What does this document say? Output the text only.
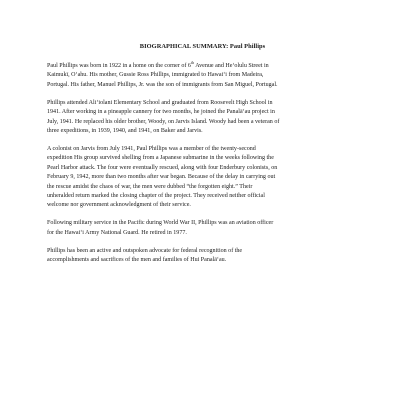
BIOGRAPHICAL SUMMARY: Paul Phillips
Paul Phillips was born in 1922 in a home on the corner of 6th Avenue and He‘olulu Street in
Kaimukī, O‘ahu. His mother, Gussie Ross Phillips, immigrated to Hawai‘i from Madeira,
Portugal. His father, Manuel Phillips, Jr. was the son of immigrants from San Miguel, Portugal.
Phillips attended Ali‘iolani Elementary School and graduated from Roosevelt High School in
1941. After working in a pineapple cannery for two months, he joined the Panalā‘au project in
July, 1941. He replaced his older brother, Woody, on Jarvis Island. Woody had been a veteran of
three expeditions, in 1939, 1940, and 1941, on Baker and Jarvis.
A colonist on Jarvis from July 1941, Paul Phillips was a member of the twenty-second
expedition His group survived shelling from a Japanese submarine in the weeks following the
Pearl Harbor attack. The four were eventually rescued, along with four Enderbury colonists, on
February 9, 1942, more than two months after war began. Because of the delay in carrying out
the rescue amidst the chaos of war, the men were dubbed “the forgotten eight.” Their
unheralded return marked the closing chapter of the project. They received neither official
welcome nor government acknowledgment of their service.
Following military service in the Pacific during World War II, Phillips was an aviation officer
for the Hawai‘i Army National Guard. He retired in 1977.
Phillips has been an active and outspoken advocate for federal recognition of the
accomplishments and sacrifices of the men and families of Hui Panalā‘au.
